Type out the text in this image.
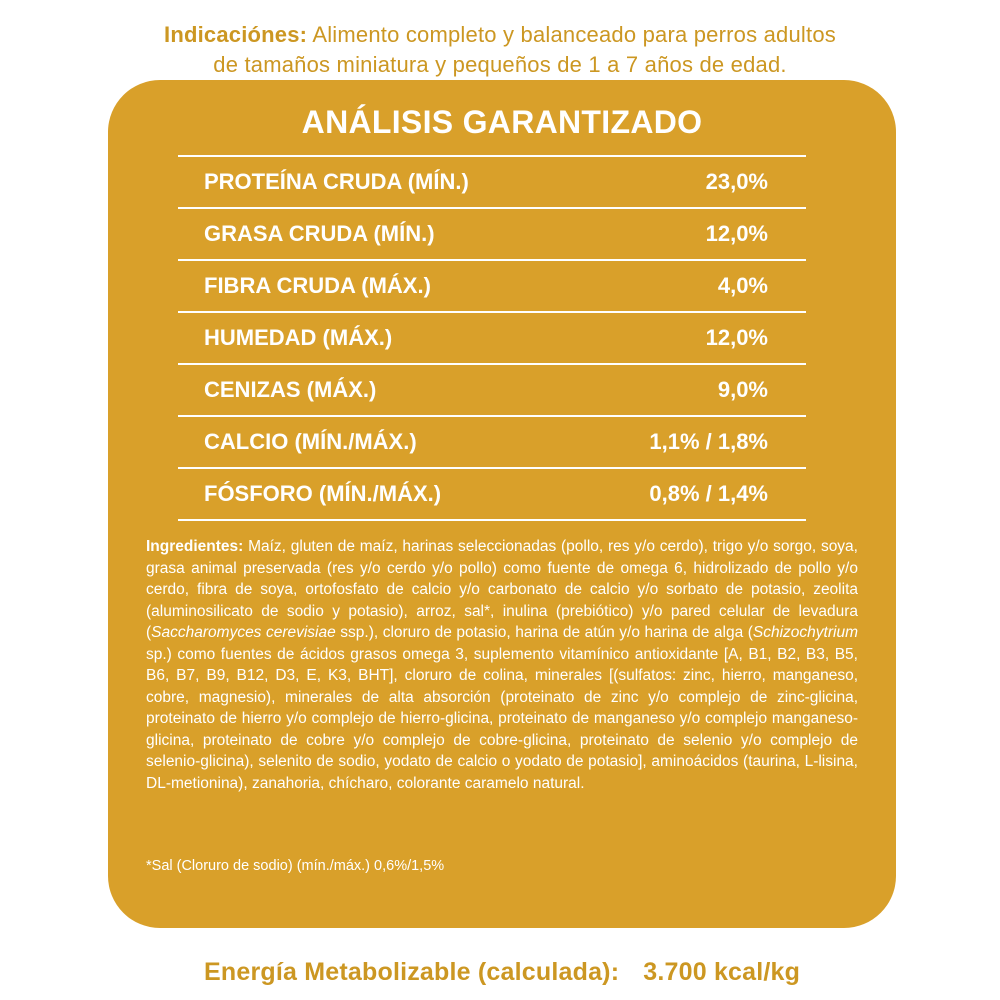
Indicaciónes: Alimento completo y balanceado para perros adultos
de tamaños miniatura y pequeños de 1 a 7 años de edad.
ANÁLISIS GARANTIZADO
PROTEÍNA CRUDA (MÍN.)	23,0%
GRASA CRUDA (MÍN.)	12,0%
FIBRA CRUDA (MÁX.)	4,0%
HUMEDAD (MÁX.)	12,0%
CENIZAS (MÁX.)	9,0%
CALCIO (MÍN./MÁX.)	1,1% / 1,8%
FÓSFORO (MÍN./MÁX.)	0,8% / 1,4%
Ingredientes: Maíz, gluten de maíz, harinas seleccionadas (pollo, res y/o cerdo), trigo y/o sorgo, soya, grasa animal preservada (res y/o cerdo y/o pollo) como fuente de omega 6, hidrolizado de pollo y/o cerdo, fibra de soya, ortofosfato de calcio y/o carbonato de calcio y/o sorbato de potasio, zeolita (aluminosilicato de sodio y potasio), arroz, sal*, inulina (prebiótico) y/o pared celular de levadura (Saccharomyces cerevisiae ssp.), cloruro de potasio, harina de atún y/o harina de alga (Schizochytrium sp.) como fuentes de ácidos grasos omega 3, suplemento vitamínico antioxidante [A, B1, B2, B3, B5, B6, B7, B9, B12, D3, E, K3, BHT], cloruro de colina, minerales [(sulfatos: zinc, hierro, manganeso, cobre, magnesio), minerales de alta absorción (proteinato de zinc y/o complejo de zinc-glicina, proteinato de hierro y/o complejo de hierro-glicina, proteinato de manganeso y/o complejo manganeso-glicina, proteinato de cobre y/o complejo de cobre-glicina, proteinato de selenio y/o complejo de selenio-glicina), selenito de sodio, yodato de calcio o yodato de potasio], aminoácidos (taurina, L-lisina, DL-metionina), zanahoria, chícharo, colorante caramelo natural.
*Sal (Cloruro de sodio) (mín./máx.) 0,6%/1,5%
Energía Metabolizable (calculada): 3.700 kcal/kg
